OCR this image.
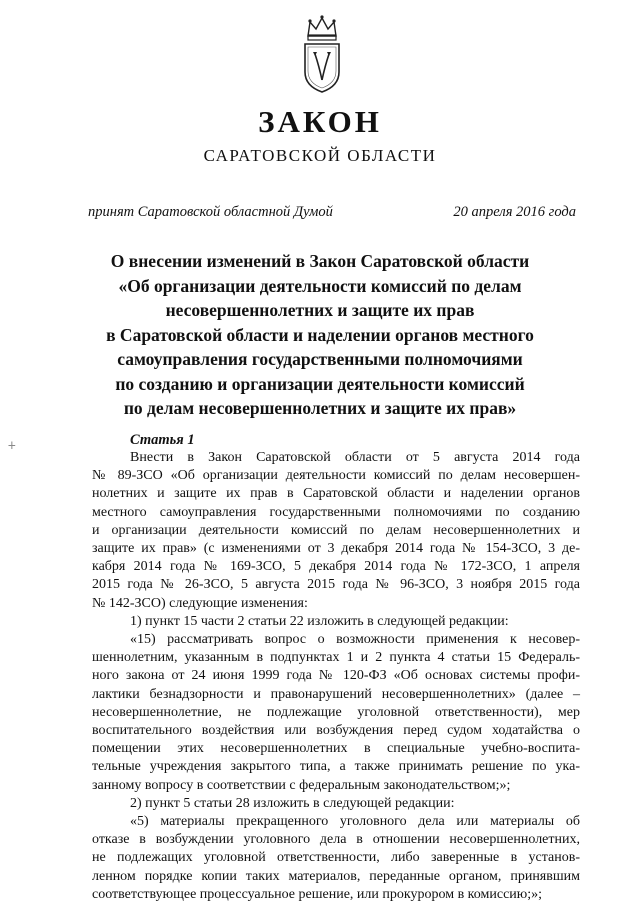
ЗАКОН
САРАТОВСКОЙ ОБЛАСТИ
принят Саратовской областной Думой	20 апреля 2016 года
О внесении изменений в Закон Саратовской области
«Об организации деятельности комиссий по делам
несовершеннолетних и защите их прав
в Саратовской области и наделении органов местного
самоуправления государственными полномочиями
по созданию и организации деятельности комиссий
по делам несовершеннолетних и защите их прав»
ⵜ	Статья 1
Внести в Закон Саратовской области от 5 августа 2014 года
№ 89-ЗСО «Об организации деятельности комиссий по делам несовершен-
нолетних и защите их прав в Саратовской области и наделении органов
местного самоуправления государственными полномочиями по созданию
и организации деятельности комиссий по делам несовершеннолетних и
защите их прав» (с изменениями от 3 декабря 2014 года № 154-ЗСО, 3 де-
кабря 2014 года № 169-ЗСО, 5 декабря 2014 года № 172-ЗСО, 1 апреля
2015 года № 26-ЗСО, 5 августа 2015 года № 96-ЗСО, 3 ноября 2015 года
№ 142-ЗСО) следующие изменения:
1) пункт 15 части 2 статьи 22 изложить в следующей редакции:
«15) рассматривать вопрос о возможности применения к несовер-
шеннолетним, указанным в подпунктах 1 и 2 пункта 4 статьи 15 Федераль-
ного закона от 24 июня 1999 года № 120-ФЗ «Об основах системы профи-
лактики безнадзорности и правонарушений несовершеннолетних» (далее –
несовершеннолетние, не подлежащие уголовной ответственности), мер
воспитательного воздействия или возбуждения перед судом ходатайства о
помещении этих несовершеннолетних в специальные учебно-воспита-
тельные учреждения закрытого типа, а также принимать решение по ука-
занному вопросу в соответствии с федеральным законодательством;»;
2) пункт 5 статьи 28 изложить в следующей редакции:
«5) материалы прекращенного уголовного дела или материалы об
отказе в возбуждении уголовного дела в отношении несовершеннолетних,
не подлежащих уголовной ответственности, либо заверенные в установ-
ленном порядке копии таких материалов, переданные органом, принявшим
соответствующее процессуальное решение, или прокурором в комиссию;»;
